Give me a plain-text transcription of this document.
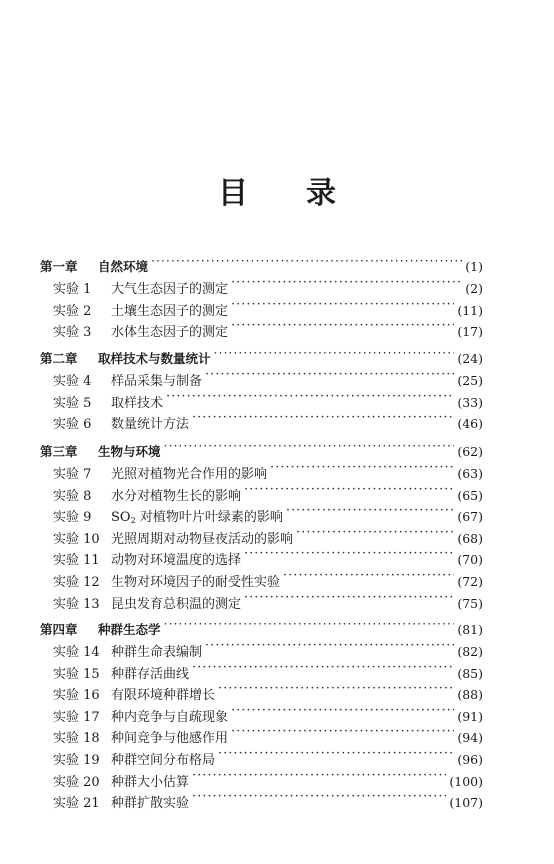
目 录
第一章	自然环境 ·····	(1)
实验 1	大气生态因子的测定 ·····	(2)
实验 2	土壤生态因子的测定 ·····	(11)
实验 3	水体生态因子的测定 ·····	(17)
第二章	取样技术与数量统计 ·····	(24)
实验 4	样品采集与制备 ·····	(25)
实验 5	取样技术 ·····	(33)
实验 6	数量统计方法 ·····	(46)
第三章	生物与环境 ·····	(62)
实验 7	光照对植物光合作用的影响 ·····	(63)
实验 8	水分对植物生长的影响 ·····	(65)
实验 9	$SO_2$ 对植物叶片叶绿素的影响 ·····	(67)
实验 10 光照周期对动物昼夜活动的影响 ·····	(68)
实验 11 动物对环境温度的选择 ·····	(70)
实验 12 生物对环境因子的耐受性实验 ·····	(72)
实验 13 昆虫发育总积温的测定 ·····	(75)
第四章	种群生态学 ·····	(81)
实验 14 种群生命表编制 ·····	(82)
实验 15 种群存活曲线 ·····	(85)
实验 16 有限环境种群增长 ·····	(88)
实验 17 种内竞争与自疏现象 ·····	(91)
实验 18 种间竞争与他感作用 ·····	(94)
实验 19 种群空间分布格局 ·····	(96)
实验 20 种群大小估算 ·····	(100)
实验 21 种群扩散实验 ·····	(107)
